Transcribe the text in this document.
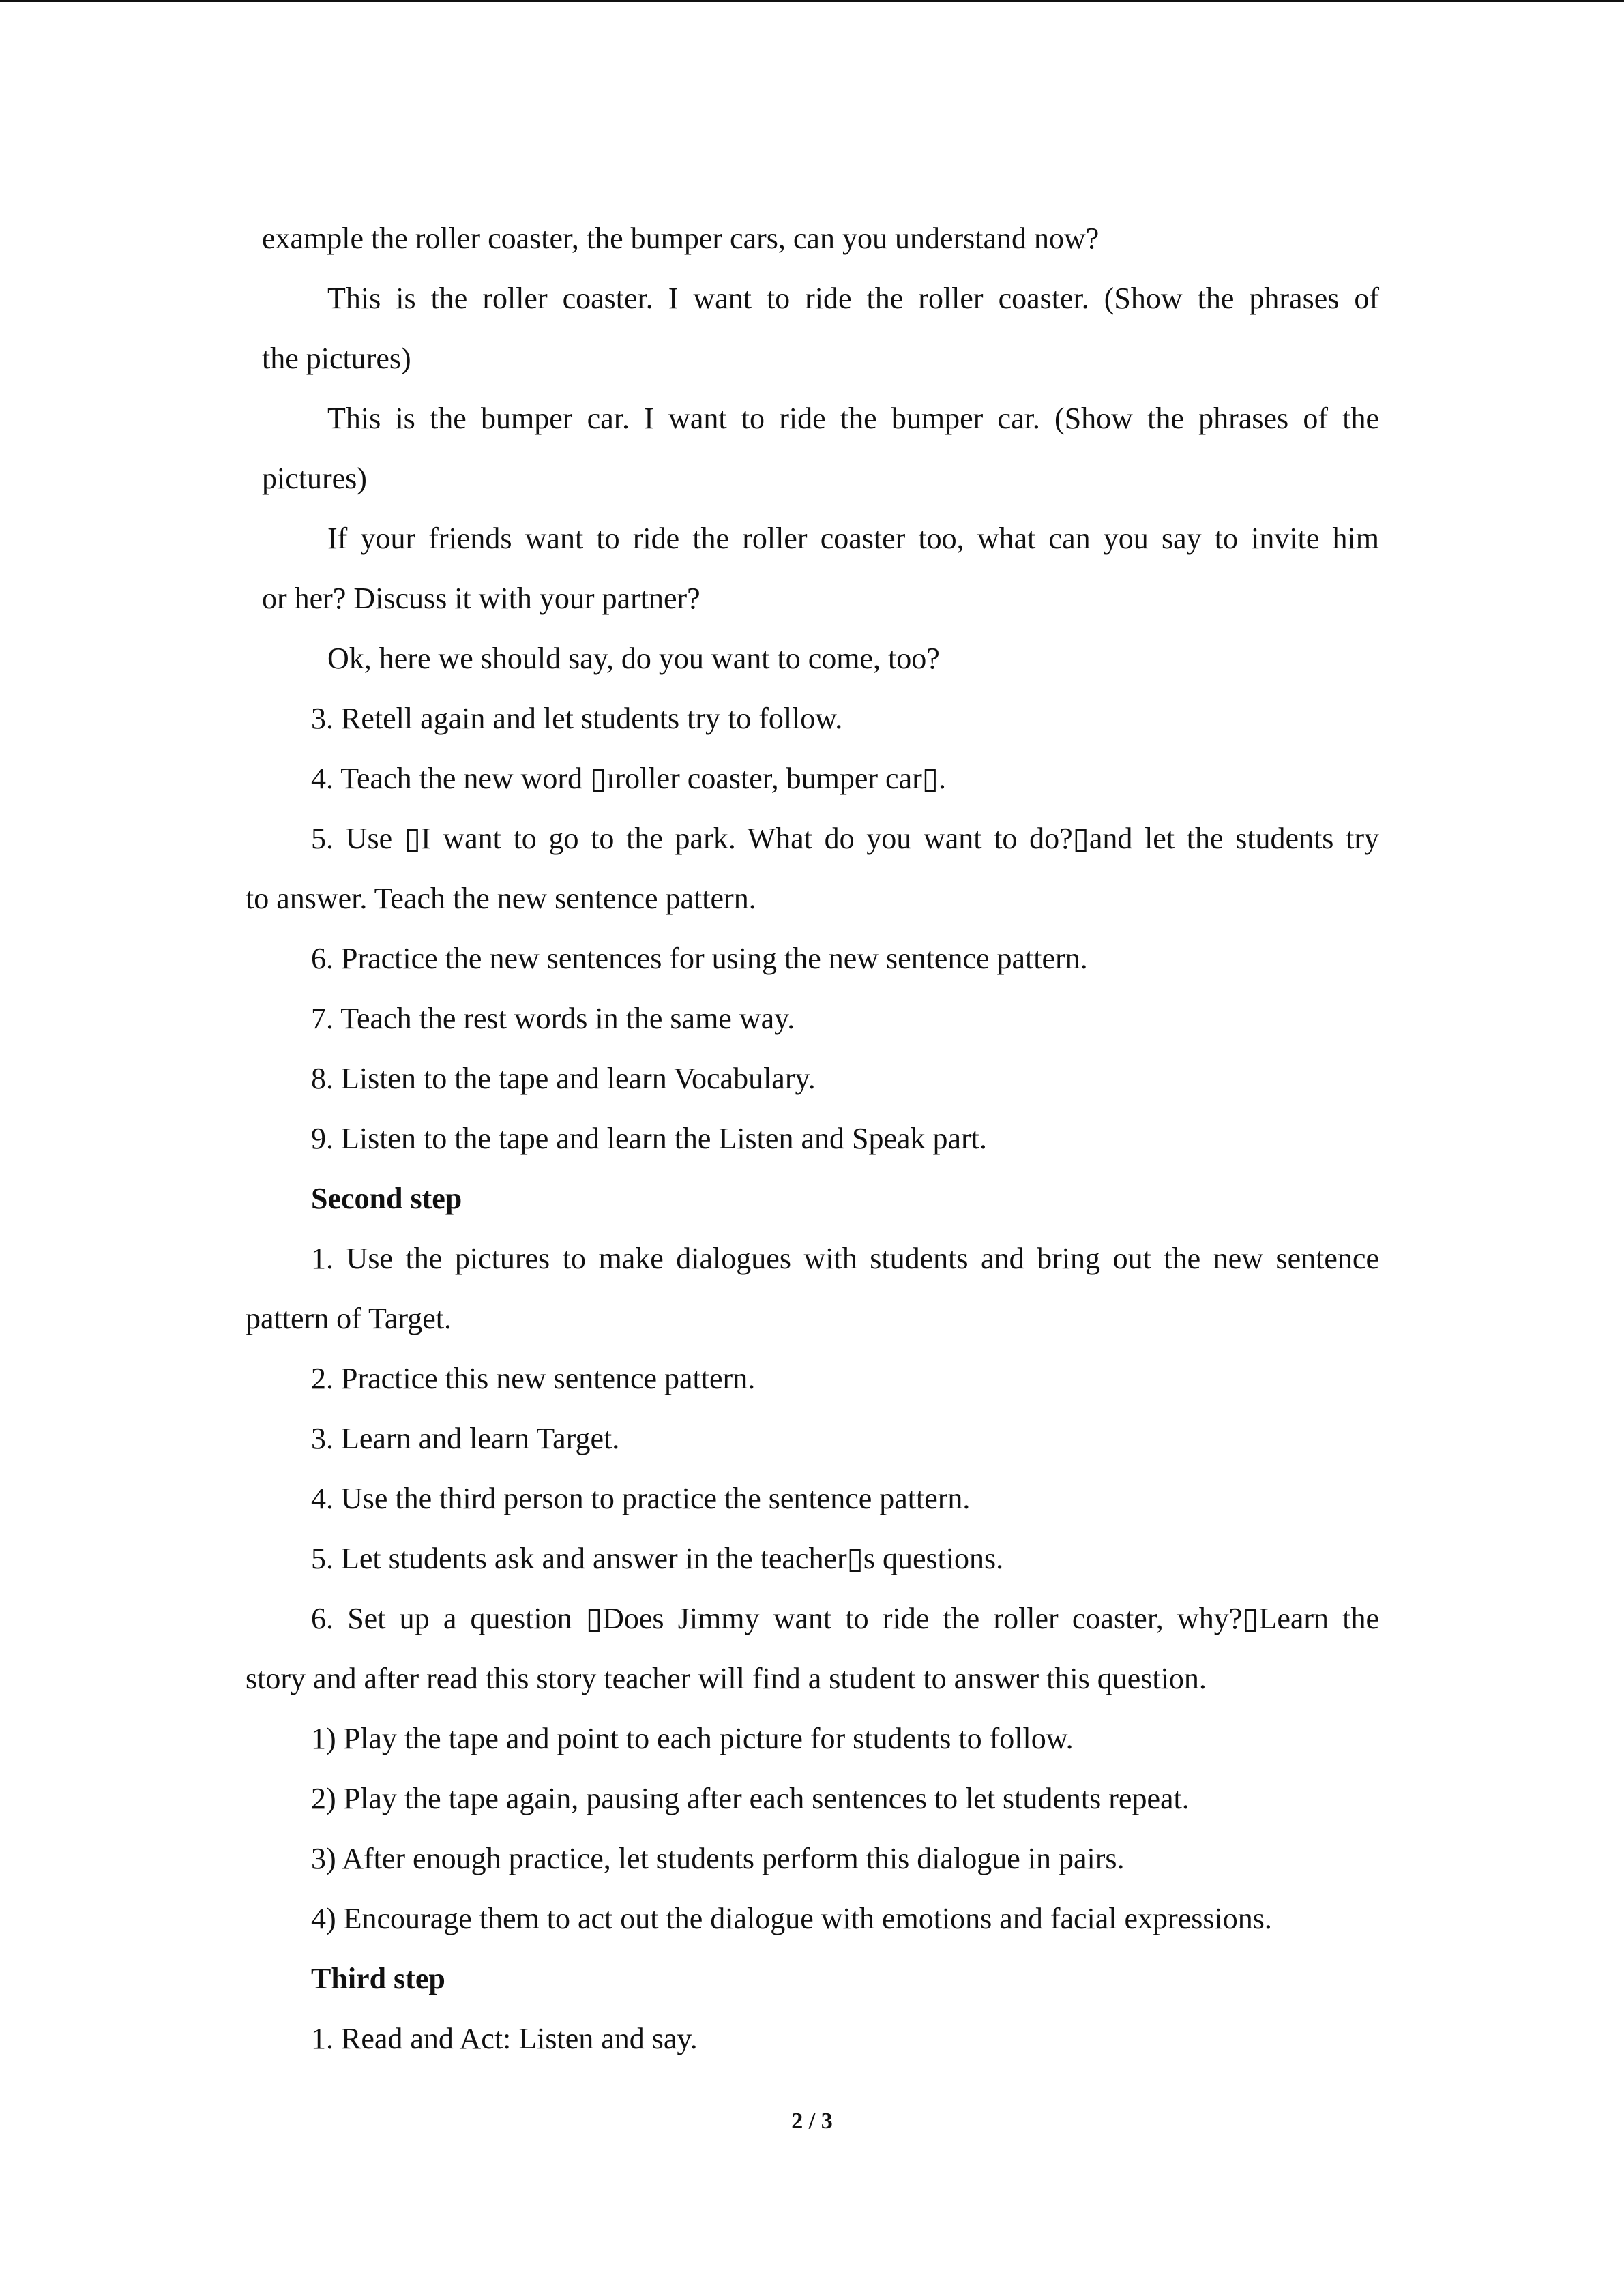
example the roller coaster, the bumper cars, can you understand now?
This is the roller coaster. I want to ride the roller coaster. (Show the phrases of
the pictures)
This is the bumper car. I want to ride the bumper car. (Show the phrases of the
pictures)
If your friends want to ride the roller coaster too, what can you say to invite him
or her? Discuss it with your partner?
Ok, here we should say, do you want to come, too?
3. Retell again and let students try to follow.
4. Teach the new word ▯ıroller coaster, bumper car▯.
5. Use ▯I want to go to the park. What do you want to do?▯and let the students try
to answer. Teach the new sentence pattern.
6. Practice the new sentences for using the new sentence pattern.
7. Teach the rest words in the same way.
8. Listen to the tape and learn Vocabulary.
9. Listen to the tape and learn the Listen and Speak part.
Second step
1. Use the pictures to make dialogues with students and bring out the new sentence
pattern of Target.
2. Practice this new sentence pattern.
3. Learn and learn Target.
4. Use the third person to practice the sentence pattern.
5. Let students ask and answer in the teacher▯s questions.
6. Set up a question ▯Does Jimmy want to ride the roller coaster, why?▯Learn the
story and after read this story teacher will find a student to answer this question.
1) Play the tape and point to each picture for students to follow.
2) Play the tape again, pausing after each sentences to let students repeat.
3) After enough practice, let students perform this dialogue in pairs.
4) Encourage them to act out the dialogue with emotions and facial expressions.
Third step
1. Read and Act: Listen and say.
2 / 3
